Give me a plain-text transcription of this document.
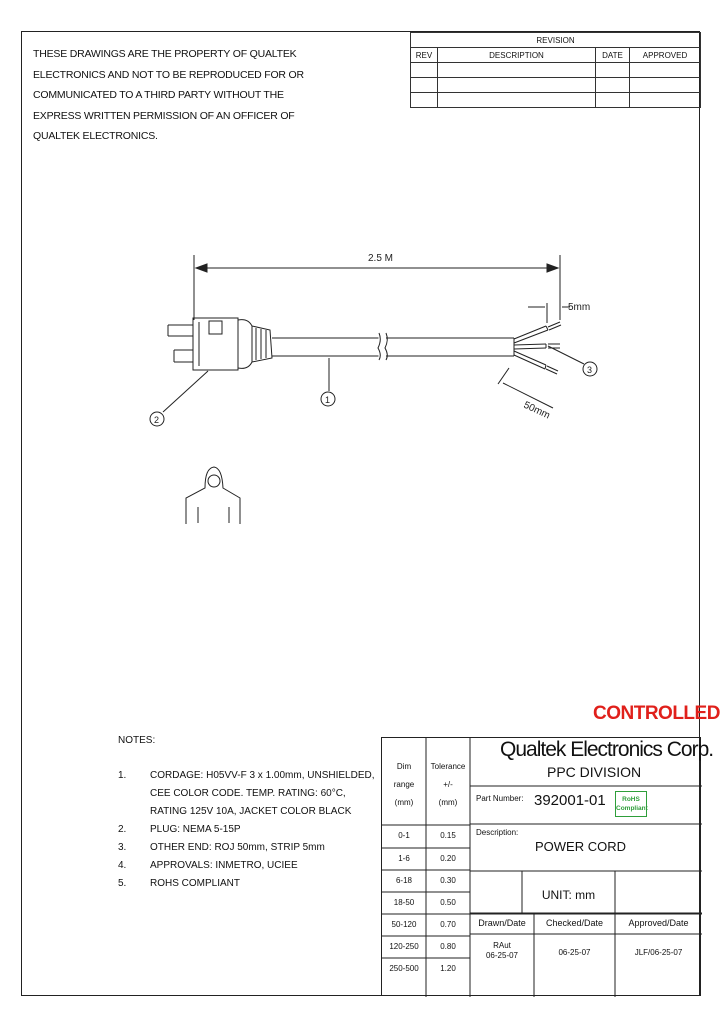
THESE DRAWINGS ARE THE PROPERTY OF QUALTEK
ELECTRONICS AND NOT TO BE REPRODUCED FOR OR
COMMUNICATED TO A THIRD PARTY WITHOUT THE
EXPRESS WRITTEN PERMISSION OF AN OFFICER OF
QUALTEK ELECTRONICS.
REVISION			
REV	DESCRIPTION	DATE	APPROVED

2.5 M
5mm
50mm
1
2
3
CONTROLLED
NOTES:
1. CORDAGE: H05VV-F 3 x 1.00mm, UNSHIELDED,
CEE COLOR CODE. TEMP. RATING: 60°C,
RATING 125V 10A, JACKET COLOR BLACK
2. PLUG: NEMA 5-15P
3. OTHER END: ROJ 50mm, STRIP 5mm
4. APPROVALS: INMETRO, UCIEE
5. ROHS COMPLIANT
Dim
range
(mm)
Tolerance
+/-
(mm)
0-1	0.15
1-6	0.20
6-18	0.30
18-50	0.50
50-120	0.70
120-250	0.80
250-500	1.20
Qualtek Electronics Corp.
PPC DIVISION
Part Number: 392001-01
Description:
POWER CORD
UNIT: mm
Drawn/Date	Checked/Date	Approved/Date
RAut
06-25-07	06-25-07	JLF/06-25-07
RoHS
Compliant
